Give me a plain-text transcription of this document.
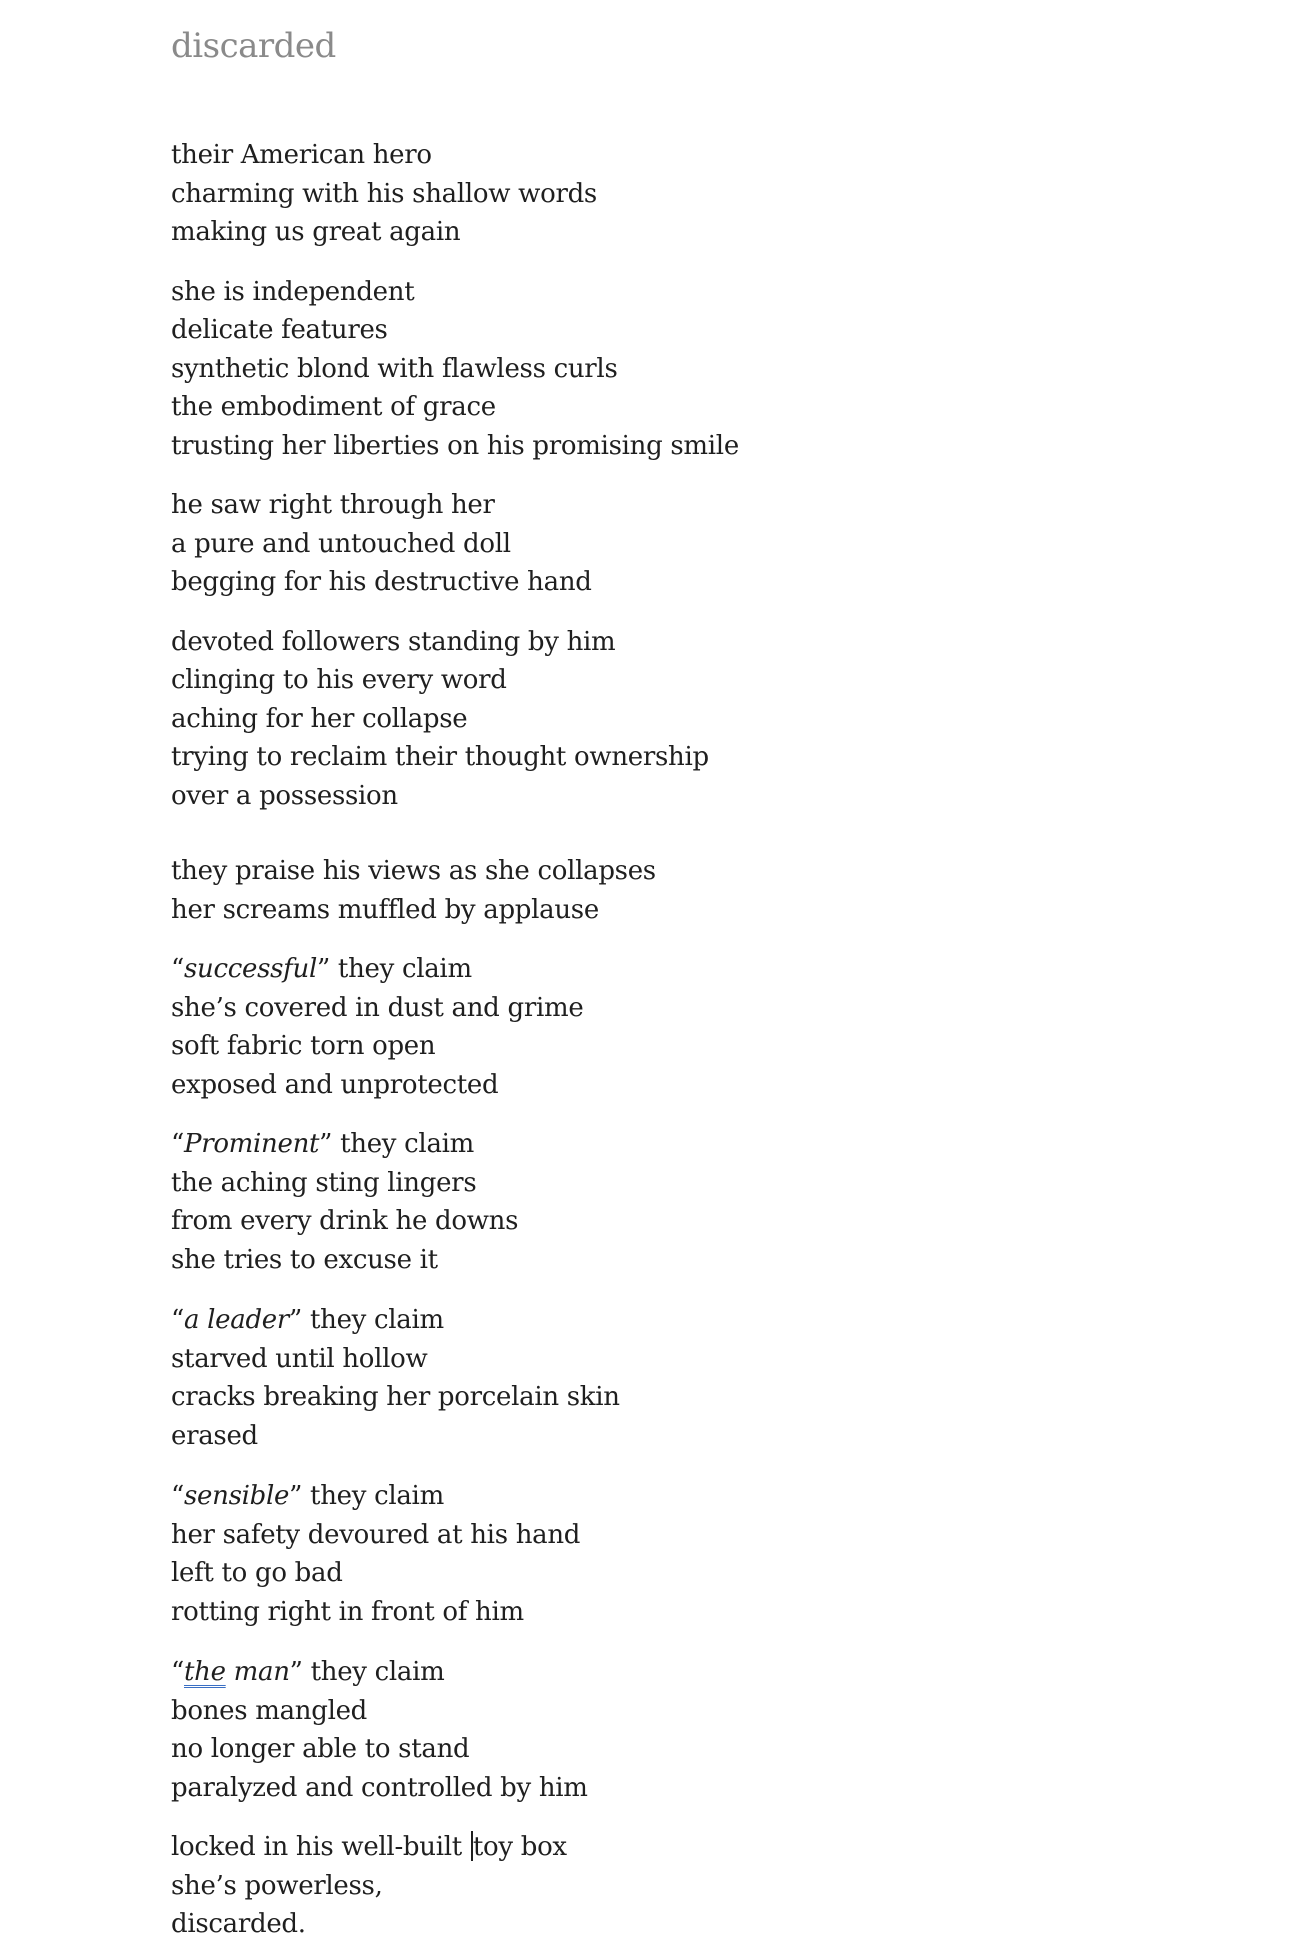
discarded
their American hero
charming with his shallow words
making us great again
she is independent
delicate features
synthetic blond with flawless curls
the embodiment of grace
trusting her liberties on his promising smile
he saw right through her
a pure and untouched doll
begging for his destructive hand
devoted followers standing by him
clinging to his every word
aching for her collapse
trying to reclaim their thought ownership
over a possession
they praise his views as she collapses
her screams muffled by applause
“successful” they claim
she’s covered in dust and grime
soft fabric torn open
exposed and unprotected
“Prominent” they claim
the aching sting lingers
from every drink he downs
she tries to excuse it
“a leader” they claim
starved until hollow
cracks breaking her porcelain skin
erased
“sensible” they claim
her safety devoured at his hand
left to go bad
rotting right in front of him
“the man” they claim
bones mangled
no longer able to stand
paralyzed and controlled by him
locked in his well-built toy box
she’s powerless,
discarded.
